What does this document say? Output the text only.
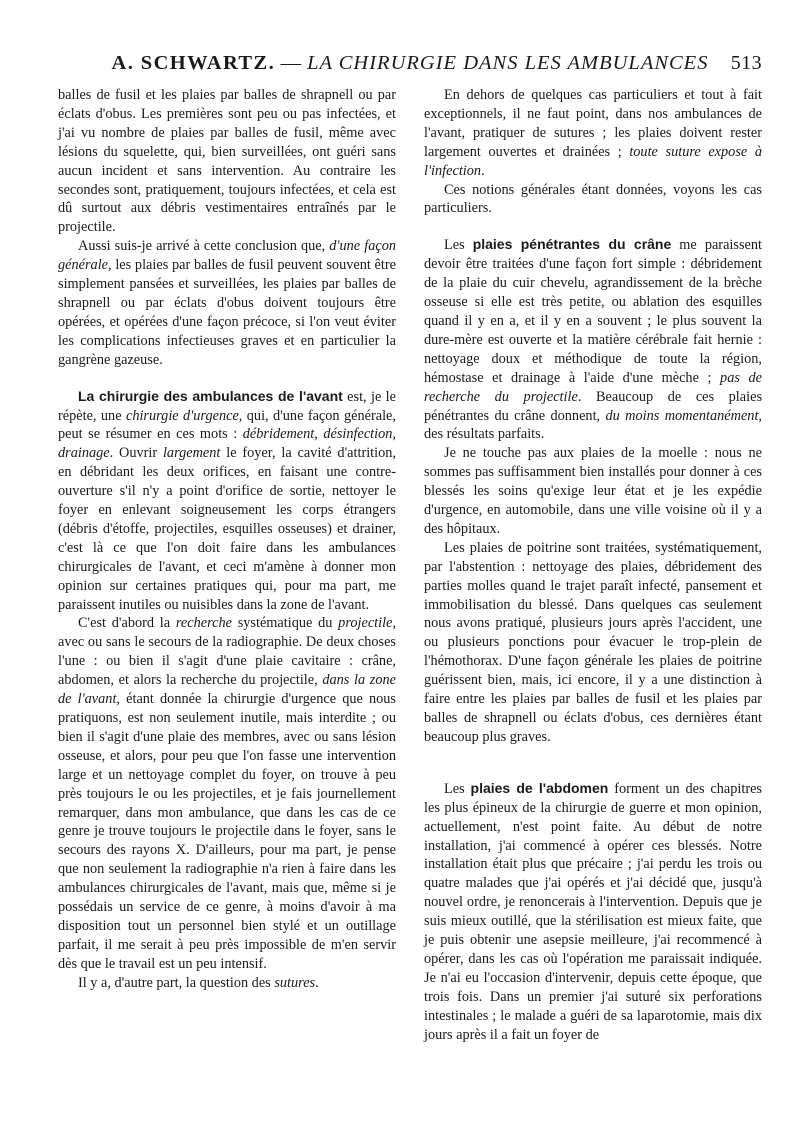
A. SCHWARTZ. — LA CHIRURGIE DANS LES AMBULANCES 513

balles de fusil et les plaies par balles de shrapnell ou par éclats d'obus. Les premières sont peu ou pas infectées, et j'ai vu nombre de plaies par balles de fusil, même avec lésions du squelette, qui, bien surveillées, ont guéri sans aucun incident et sans intervention. Au contraire les secondes sont, pratiquement, toujours infectées, et cela est dû surtout aux débris vestimentaires entraînés par le projectile.

Aussi suis-je arrivé à cette conclusion que, d'une façon générale, les plaies par balles de fusil peuvent souvent être simplement pansées et surveillées, les plaies par balles de shrapnell ou par éclats d'obus doivent toujours être opérées, et opérées d'une façon précoce, si l'on veut éviter les complications infectieuses graves et en particulier la gangrène gazeuse.

La chirurgie des ambulances de l'avant est, je le répète, une chirurgie d'urgence, qui, d'une façon générale, peut se résumer en ces mots : débridement, désinfection, drainage. Ouvrir largement le foyer, la cavité d'attrition, en débridant les deux orifices, en faisant une contre-ouverture s'il n'y a point d'orifice de sortie, nettoyer le foyer en enlevant soigneusement les corps étrangers (débris d'étoffe, projectiles, esquilles osseuses) et drainer, c'est là ce que l'on doit faire dans les ambulances chirurgicales de l'avant, et ceci m'amène à donner mon opinion sur certaines pratiques qui, pour ma part, me paraissent inutiles ou nuisibles dans la zone de l'avant.

C'est d'abord la recherche systématique du projectile, avec ou sans le secours de la radiographie. De deux choses l'une : ou bien il s'agit d'une plaie cavitaire : crâne, abdomen, et alors la recherche du projectile, dans la zone de l'avant, étant donnée la chirurgie d'urgence que nous pratiquons, est non seulement inutile, mais interdite ; ou bien il s'agit d'une plaie des membres, avec ou sans lésion osseuse, et alors, pour peu que l'on fasse une intervention large et un nettoyage complet du foyer, on trouve à peu près toujours le ou les projectiles, et je fais journellement remarquer, dans mon ambulance, que dans les cas de ce genre je trouve toujours le projectile dans le foyer, sans le secours des rayons X. D'ailleurs, pour ma part, je pense que non seulement la radiographie n'a rien à faire dans les ambulances chirurgicales de l'avant, mais que, même si je possédais un service de ce genre, à moins d'avoir à ma disposition tout un personnel bien stylé et un outillage parfait, il me serait à peu près impossible de m'en servir dès que le travail est un peu intensif.

Il y a, d'autre part, la question des sutures.

En dehors de quelques cas particuliers et tout à fait exceptionnels, il ne faut point, dans nos ambulances de l'avant, pratiquer de sutures ; les plaies doivent rester largement ouvertes et drainées ; toute suture expose à l'infection.

Ces notions générales étant données, voyons les cas particuliers.

Les plaies pénétrantes du crâne me paraissent devoir être traitées d'une façon fort simple : débridement de la plaie du cuir chevelu, agrandissement de la brèche osseuse si elle est très petite, ou ablation des esquilles quand il y en a, et il y en a souvent ; le plus souvent la dure-mère est ouverte et la matière cérébrale fait hernie : nettoyage doux et méthodique de toute la région, hémostase et drainage à l'aide d'une mèche ; pas de recherche du projectile. Beaucoup de ces plaies pénétrantes du crâne donnent, du moins momentanément, des résultats parfaits.

Je ne touche pas aux plaies de la moelle : nous ne sommes pas suffisamment bien installés pour donner à ces blessés les soins qu'exige leur état et je les expédie d'urgence, en automobile, dans une ville voisine où il y a des hôpitaux.

Les plaies de poitrine sont traitées, systématiquement, par l'abstention : nettoyage des plaies, débridement des parties molles quand le trajet paraît infecté, pansement et immobilisation du blessé. Dans quelques cas seulement nous avons pratiqué, plusieurs jours après l'accident, une ou plusieurs ponctions pour évacuer le trop-plein de l'hémothorax. D'une façon générale les plaies de poitrine guérissent bien, mais, ici encore, il y a une distinction à faire entre les plaies par balles de fusil et les plaies par balles de shrapnell ou éclats d'obus, ces dernières étant beaucoup plus graves.

Les plaies de l'abdomen forment un des chapitres les plus épineux de la chirurgie de guerre et mon opinion, actuellement, n'est point faite. Au début de notre installation, j'ai commencé à opérer ces blessés. Notre installation était plus que précaire ; j'ai perdu les trois ou quatre malades que j'ai opérés et j'ai décidé que, jusqu'à nouvel ordre, je renoncerais à l'intervention. Depuis que je suis mieux outillé, que la stérilisation est mieux faite, que je puis obtenir une asepsie meilleure, j'ai recommencé à opérer, dans les cas où l'opération me paraissait indiquée. Je n'ai eu l'occasion d'intervenir, depuis cette époque, que trois fois. Dans un premier j'ai suturé six perforations intestinales ; le malade a guéri de sa laparotomie, mais dix jours après il a fait un foyer de
